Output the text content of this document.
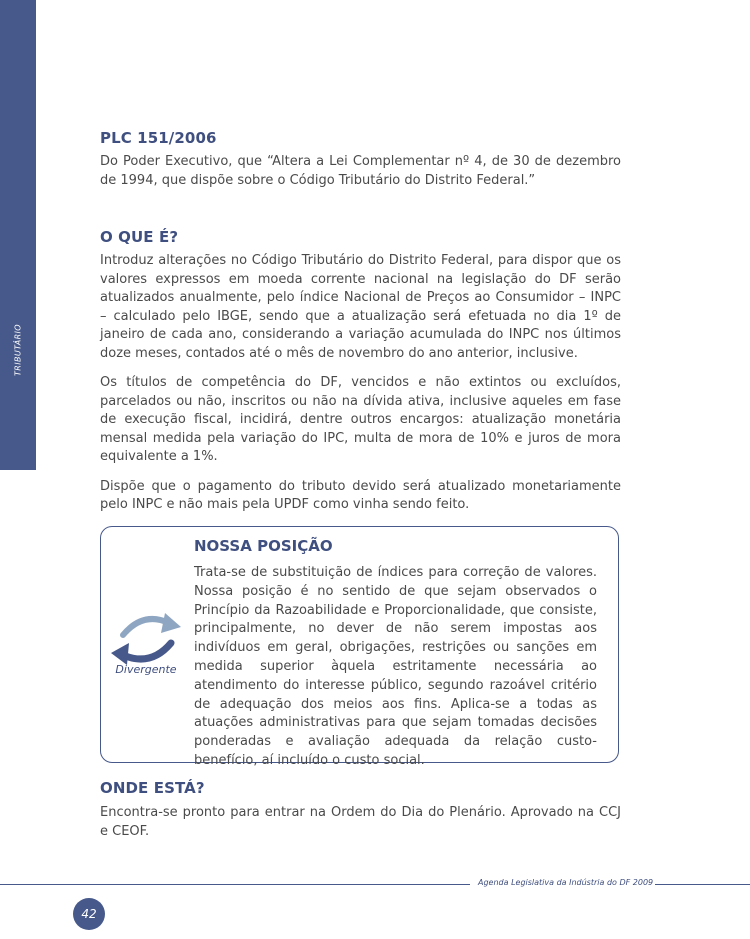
TRIBUTÁRIO
PLC 151/2006

Do Poder Executivo, que “Altera a Lei Complementar nº 4, de 30 de dezembro de 1994, que dispõe sobre o Código Tributário do Distrito Federal.”

O QUE É?

Introduz alterações no Código Tributário do Distrito Federal, para dispor que os valores expressos em moeda corrente nacional na legislação do DF serão atualizados anualmente, pelo índice Nacional de Preços ao Consumidor – INPC – calculado pelo IBGE, sendo que a atualização será efetuada no dia 1º de janeiro de cada ano, considerando a variação acumulada do INPC nos últimos doze meses, contados até o mês de novembro do ano anterior, inclusive.

Os títulos de competência do DF, vencidos e não extintos ou excluídos, parcelados ou não, inscritos ou não na dívida ativa, inclusive aqueles em fase de execução fiscal, incidirá, dentre outros encargos: atualização monetária mensal medida pela variação do IPC, multa de mora de 10% e juros de mora equivalente a 1%.

Dispõe que o pagamento do tributo devido será atualizado monetariamente pelo INPC e não mais pela UPDF como vinha sendo feito.

Divergente
NOSSA POSIÇÃO

Trata-se de substituição de índices para correção de valores. Nossa posição é no sentido de que sejam observados o Princípio da Razoabilidade e Proporcionalidade, que consiste, principalmente, no dever de não serem impostas aos indivíduos em geral, obrigações, restrições ou sanções em medida superior àquela estritamente necessária ao atendimento do interesse público, segundo razoável critério de adequação dos meios aos fins. Aplica-se a todas as atuações administrativas para que sejam tomadas decisões ponderadas e avaliação adequada da relação custo-benefício, aí incluído o custo social.

ONDE ESTÁ?

Encontra-se pronto para entrar na Ordem do Dia do Plenário. Aprovado na CCJ e CEOF.

Agenda Legislativa da Indústria do DF 2009
42
